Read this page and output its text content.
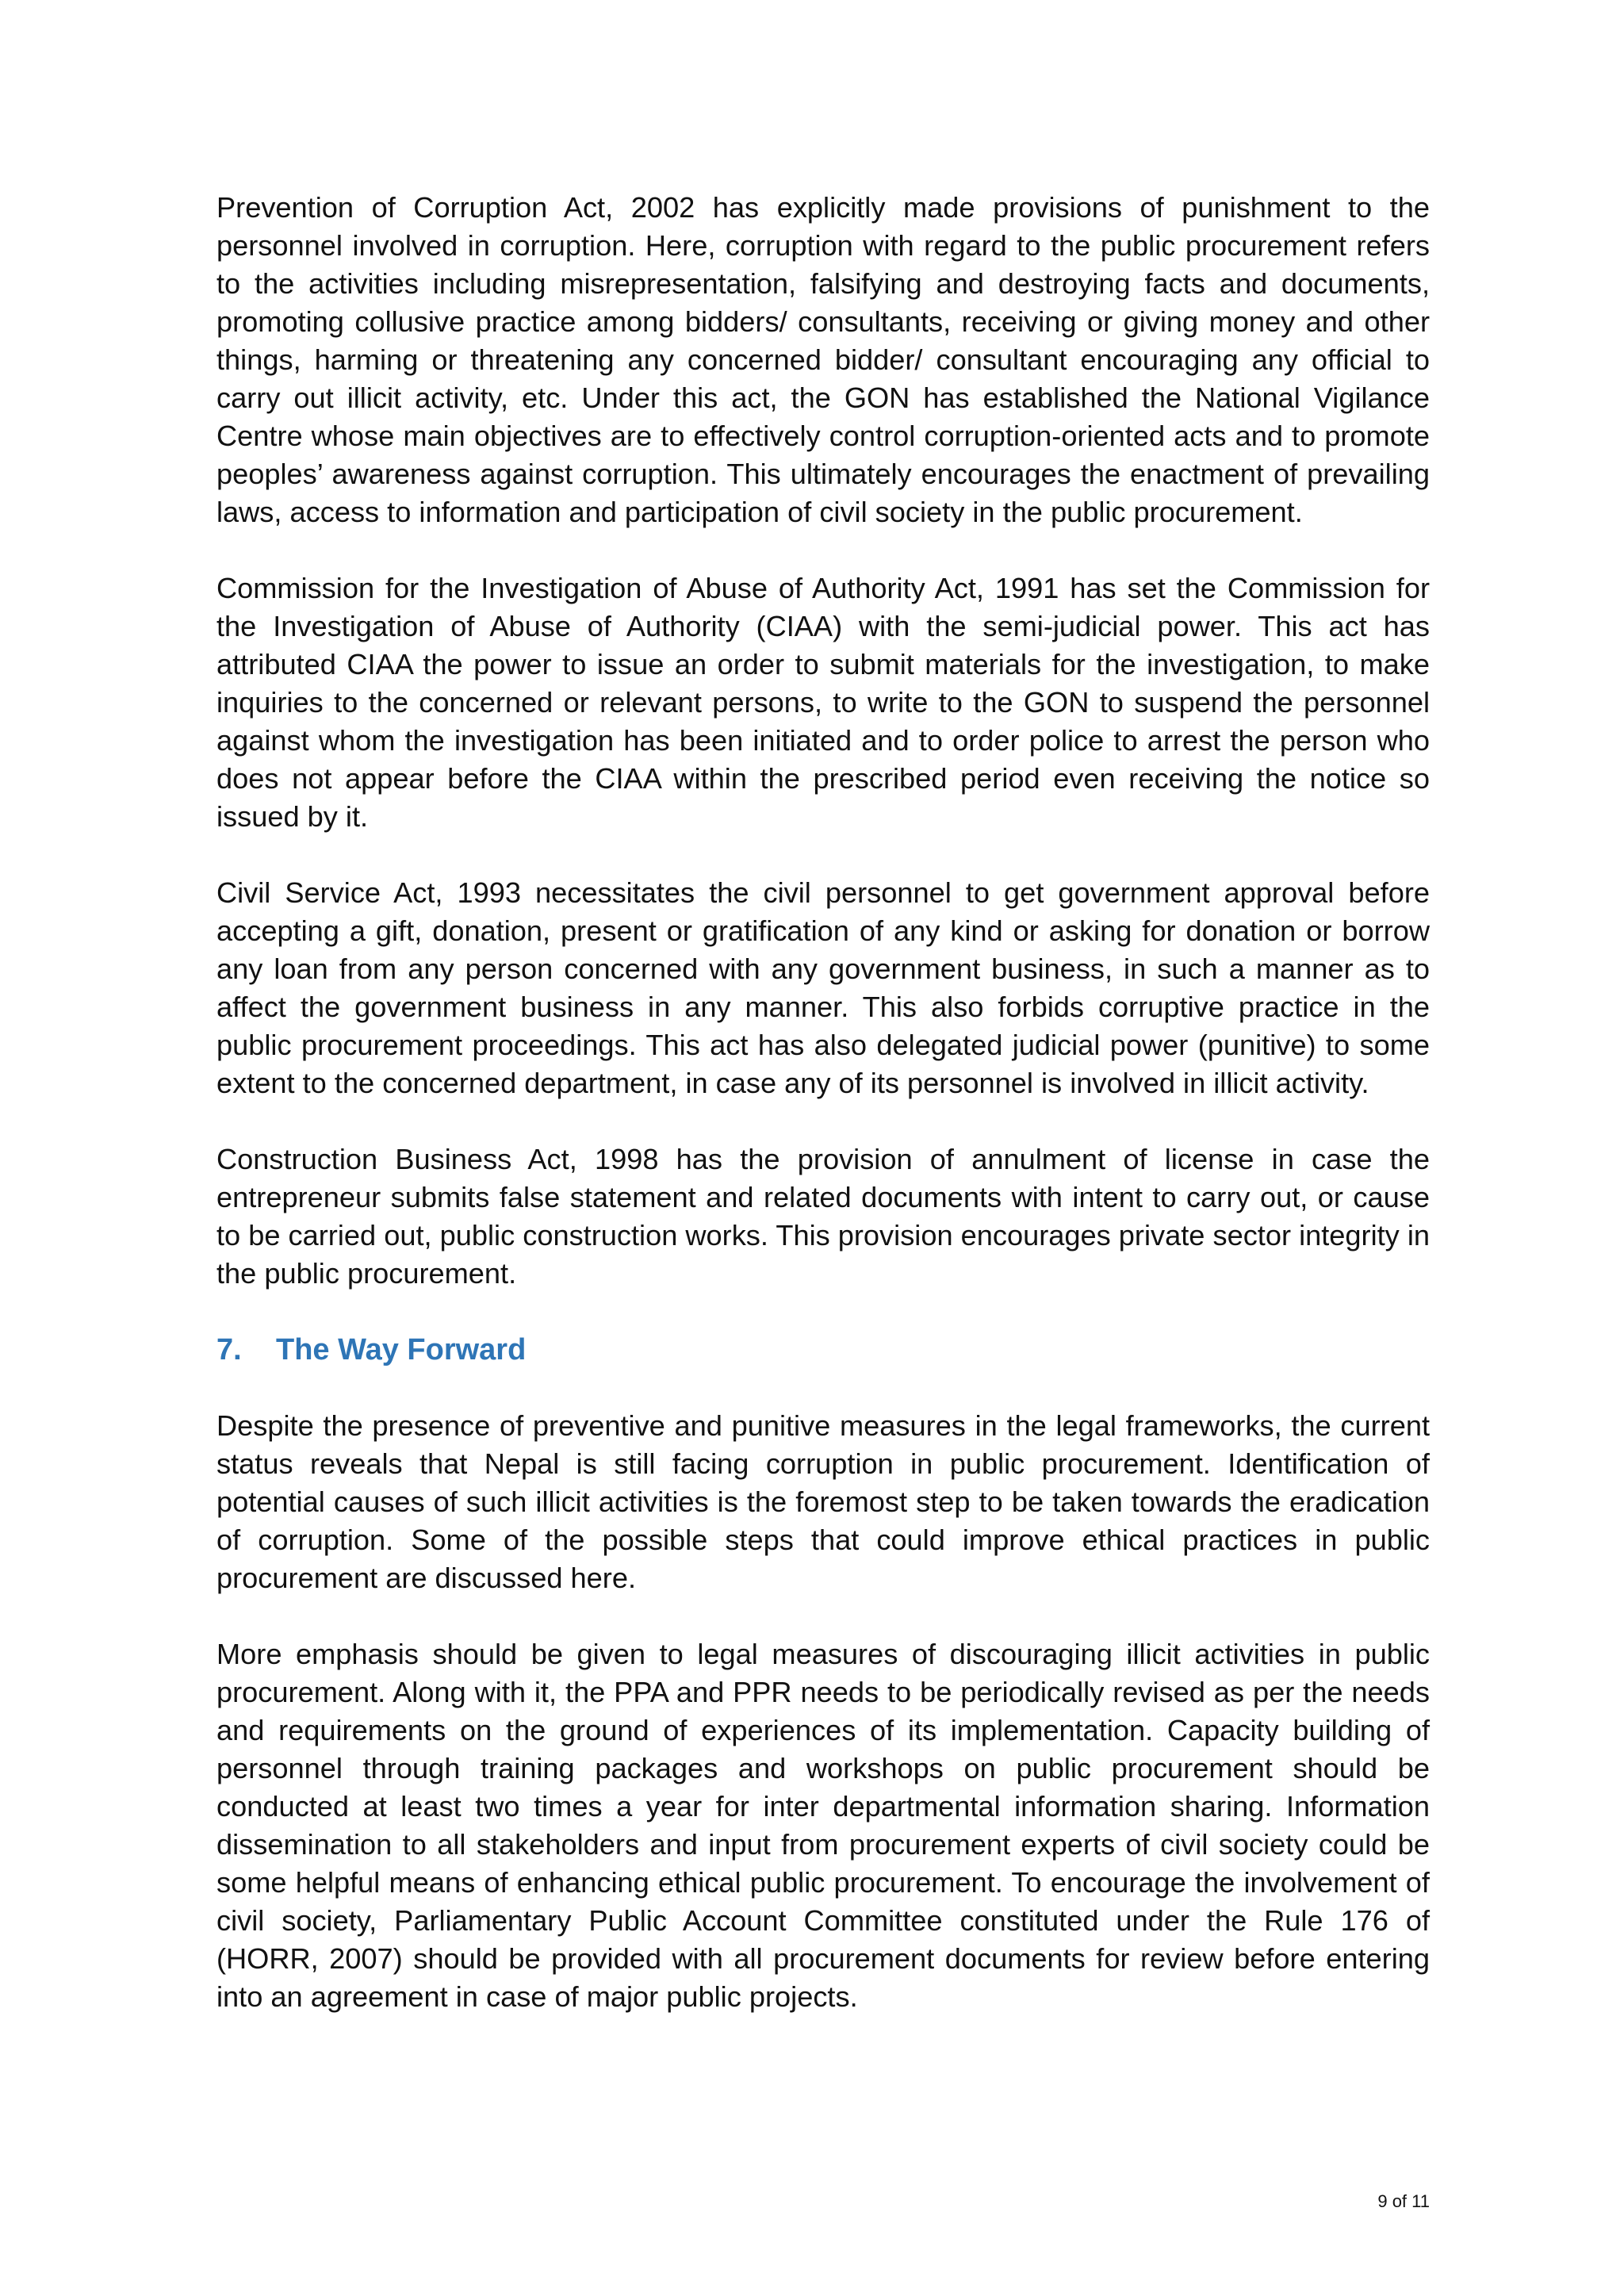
Prevention of Corruption Act, 2002 has explicitly made provisions of punishment to the personnel involved in corruption. Here, corruption with regard to the public procurement refers to the activities including misrepresentation, falsifying and destroying facts and documents, promoting collusive practice among bidders/ consultants, receiving or giving money and other things, harming or threatening any concerned bidder/ consultant encouraging any official to carry out illicit activity, etc. Under this act, the GON has established the National Vigilance Centre whose main objectives are to effectively control corruption-oriented acts and to promote peoples’ awareness against corruption. This ultimately encourages the enactment of prevailing laws, access to information and participation of civil society in the public procurement.

Commission for the Investigation of Abuse of Authority Act, 1991 has set the Commission for the Investigation of Abuse of Authority (CIAA) with the semi-judicial power. This act has attributed CIAA the power to issue an order to submit materials for the investigation, to make inquiries to the concerned or relevant persons, to write to the GON to suspend the personnel against whom the investigation has been initiated and to order police to arrest the person who does not appear before the CIAA within the prescribed period even receiving the notice so issued by it.

Civil Service Act, 1993 necessitates the civil personnel to get government approval before accepting a gift, donation, present or gratification of any kind or asking for donation or borrow any loan from any person concerned with any government business, in such a manner as to affect the government business in any manner. This also forbids corruptive practice in the public procurement proceedings. This act has also delegated judicial power (punitive) to some extent to the concerned department, in case any of its personnel is involved in illicit activity.

Construction Business Act, 1998 has the provision of annulment of license in case the entrepreneur submits false statement and related documents with intent to carry out, or cause to be carried out, public construction works. This provision encourages private sector integrity in the public procurement.

7.	The Way Forward

Despite the presence of preventive and punitive measures in the legal frameworks, the current status reveals that Nepal is still facing corruption in public procurement. Identification of potential causes of such illicit activities is the foremost step to be taken towards the eradication of corruption. Some of the possible steps that could improve ethical practices in public procurement are discussed here.

More emphasis should be given to legal measures of discouraging illicit activities in public procurement. Along with it, the PPA and PPR needs to be periodically revised as per the needs and requirements on the ground of experiences of its implementation. Capacity building of personnel through training packages and workshops on public procurement should be conducted at least two times a year for inter departmental information sharing. Information dissemination to all stakeholders and input from procurement experts of civil society could be some helpful means of enhancing ethical public procurement. To encourage the involvement of civil society, Parliamentary Public Account Committee constituted under the Rule 176 of (HORR, 2007) should be provided with all procurement documents for review before entering into an agreement in case of major public projects.

9 of 11
